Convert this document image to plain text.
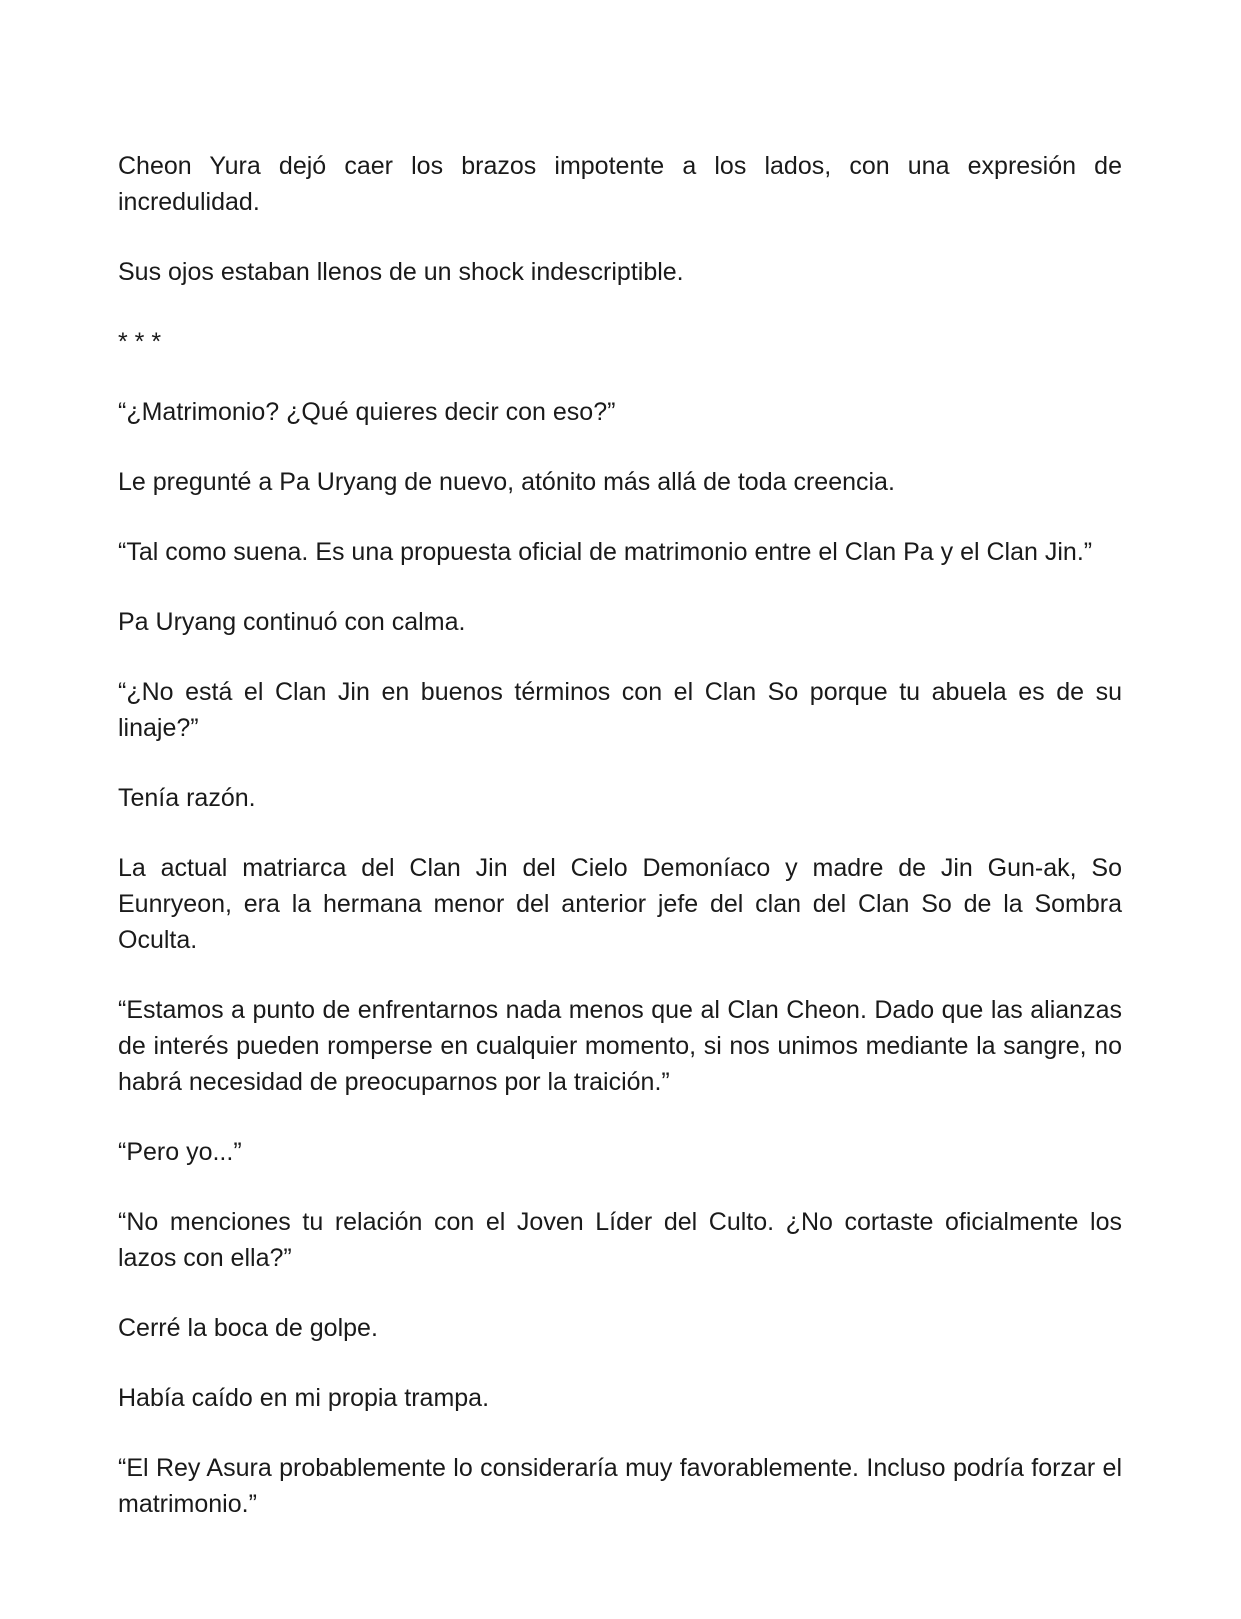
Cheon Yura dejó caer los brazos impotente a los lados, con una expresión de incredulidad.

Sus ojos estaban llenos de un shock indescriptible.

* * *

“¿Matrimonio? ¿Qué quieres decir con eso?”

Le pregunté a Pa Uryang de nuevo, atónito más allá de toda creencia.

“Tal como suena. Es una propuesta oficial de matrimonio entre el Clan Pa y el Clan Jin.”

Pa Uryang continuó con calma.

“¿No está el Clan Jin en buenos términos con el Clan So porque tu abuela es de su linaje?”

Tenía razón.

La actual matriarca del Clan Jin del Cielo Demoníaco y madre de Jin Gun-ak, So Eunryeon, era la hermana menor del anterior jefe del clan del Clan So de la Sombra Oculta.

“Estamos a punto de enfrentarnos nada menos que al Clan Cheon. Dado que las alianzas de interés pueden romperse en cualquier momento, si nos unimos mediante la sangre, no habrá necesidad de preocuparnos por la traición.”

“Pero yo...”

“No menciones tu relación con el Joven Líder del Culto. ¿No cortaste oficialmente los lazos con ella?”

Cerré la boca de golpe.

Había caído en mi propia trampa.

“El Rey Asura probablemente lo consideraría muy favorablemente. Incluso podría forzar el matrimonio.”
